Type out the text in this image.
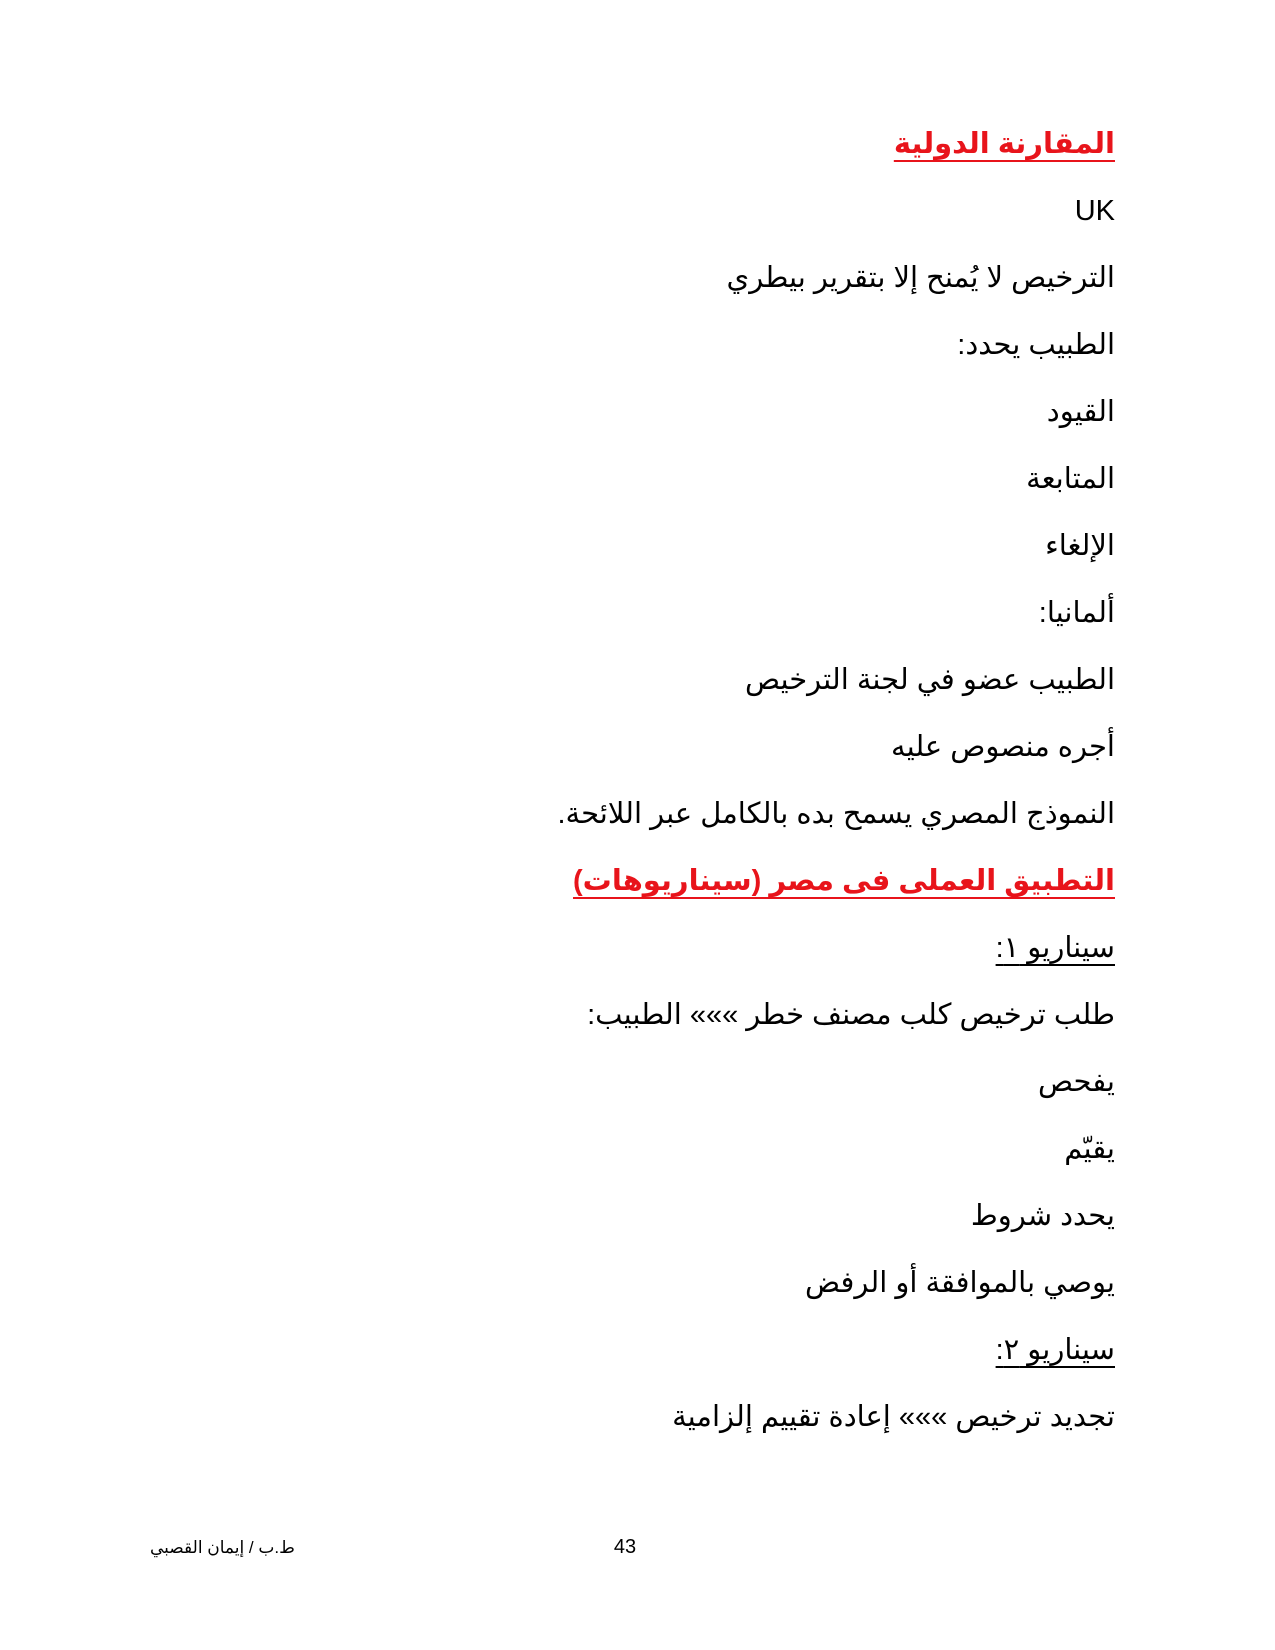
المقارنة الدولية
UK
الترخيص لا يُمنح إلا بتقرير بيطري
الطبيب يحدد:
القيود
المتابعة
الإلغاء
ألمانيا:
الطبيب عضو في لجنة الترخيص
أجره منصوص عليه
النموذج المصري يسمح بده بالكامل عبر اللائحة.
التطبيق العملى فى مصر (سيناريوهات)
سيناريو ١:
طلب ترخيص كلب مصنف خطر »»» الطبيب:
يفحص
يقيّم
يحدد شروط
يوصي بالموافقة أو الرفض
سيناريو ٢:
تجديد ترخيص »»» إعادة تقييم إلزامية
ط.ب / إيمان القصبي	43
